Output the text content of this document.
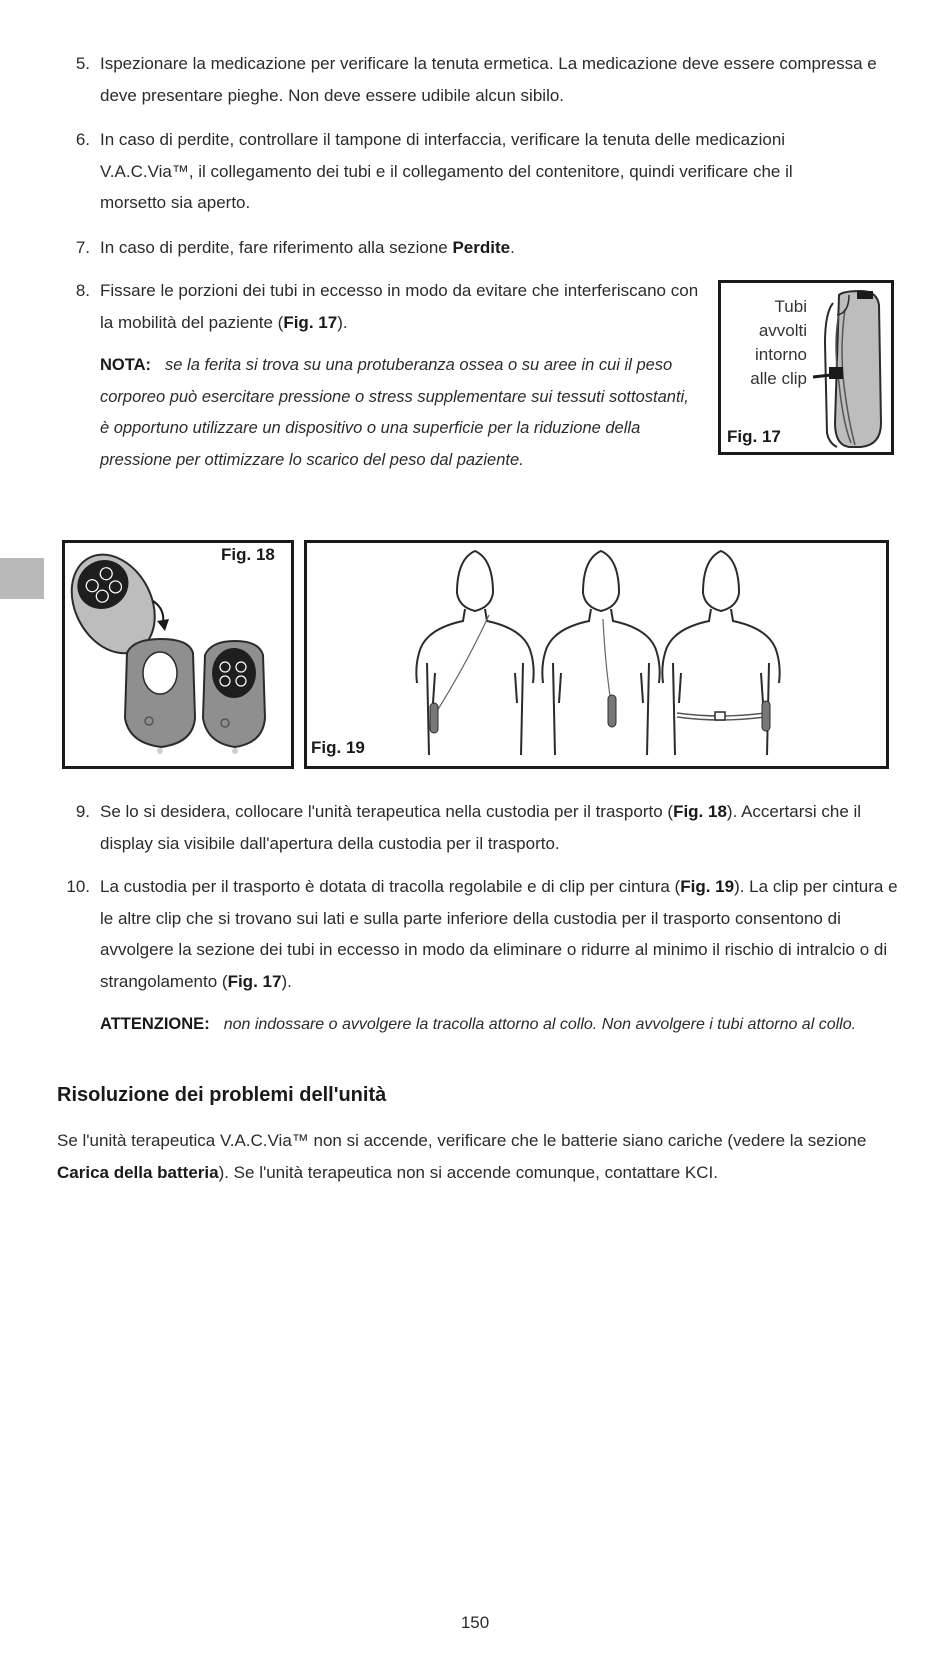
5. Ispezionare la medicazione per verificare la tenuta ermetica. La medicazione deve essere compressa e deve presentare pieghe. Non deve essere udibile alcun sibilo.
6. In caso di perdite, controllare il tampone di interfaccia, verificare la tenuta delle medicazioni V.A.C.Via™, il collegamento dei tubi e il collegamento del contenitore, quindi verificare che il morsetto sia aperto.
7. In caso di perdite, fare riferimento alla sezione Perdite.
8. Fissare le porzioni dei tubi in eccesso in modo da evitare che interferiscano con la mobilità del paziente (Fig. 17).
NOTA: se la ferita si trova su una protuberanza ossea o su aree in cui il peso corporeo può esercitare pressione o stress supplementare sui tessuti sottostanti, è opportuno utilizzare un dispositivo o una superficie per la riduzione della pressione per ottimizzare lo scarico del peso dal paziente.
Tubi
avvolti
intorno
alle clip
Fig. 17
Fig. 18
Fig. 19
9. Se lo si desidera, collocare l'unità terapeutica nella custodia per il trasporto (Fig. 18). Accertarsi che il display sia visibile dall'apertura della custodia per il trasporto.
10. La custodia per il trasporto è dotata di tracolla regolabile e di clip per cintura (Fig. 19). La clip per cintura e le altre clip che si trovano sui lati e sulla parte inferiore della custodia per il trasporto consentono di avvolgere la sezione dei tubi in eccesso in modo da eliminare o ridurre al minimo il rischio di intralcio o di strangolamento (Fig. 17).
ATTENZIONE: non indossare o avvolgere la tracolla attorno al collo. Non avvolgere i tubi attorno al collo.
Risoluzione dei problemi dell'unità
Se l'unità terapeutica V.A.C.Via™ non si accende, verificare che le batterie siano cariche (vedere la sezione Carica della batteria). Se l'unità terapeutica non si accende comunque, contattare KCI.
150
